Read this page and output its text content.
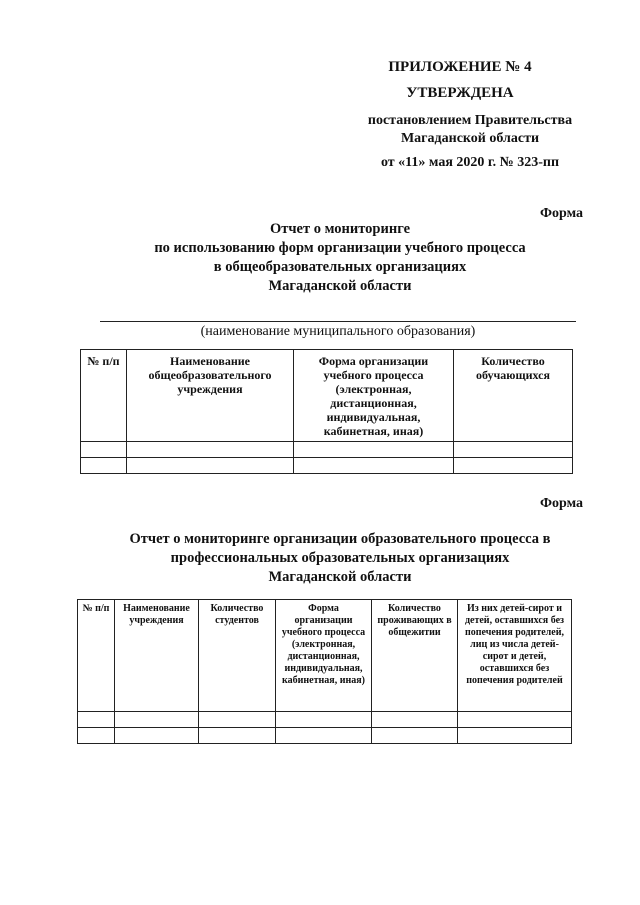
ПРИЛОЖЕНИЕ № 4
УТВЕРЖДЕНА
постановлением Правительства
Магаданской области
от «11» мая 2020 г. № 323-пп
Форма
Отчет о мониторинге
по использованию форм организации учебного процесса
в общеобразовательных организациях
Магаданской области
(наименование муниципального образования)
№ п/п	Наименование общеобразовательного учреждения	Форма организации учебного процесса (электронная, дистанционная, индивидуальная, кабинетная, иная)	Количество обучающихся

Форма
Отчет о мониторинге организации образовательного процесса в
профессиональных образовательных организациях
Магаданской области
№ п/п	Наименование учреждения	Количество студентов	Форма организации учебного процесса (электронная, дистанционная, индивидуальная, кабинетная, иная)	Количество проживающих в общежитии	Из них детей-сирот и детей, оставшихся без попечения родителей, лиц из числа детей-сирот и детей, оставшихся без попечения родителей
